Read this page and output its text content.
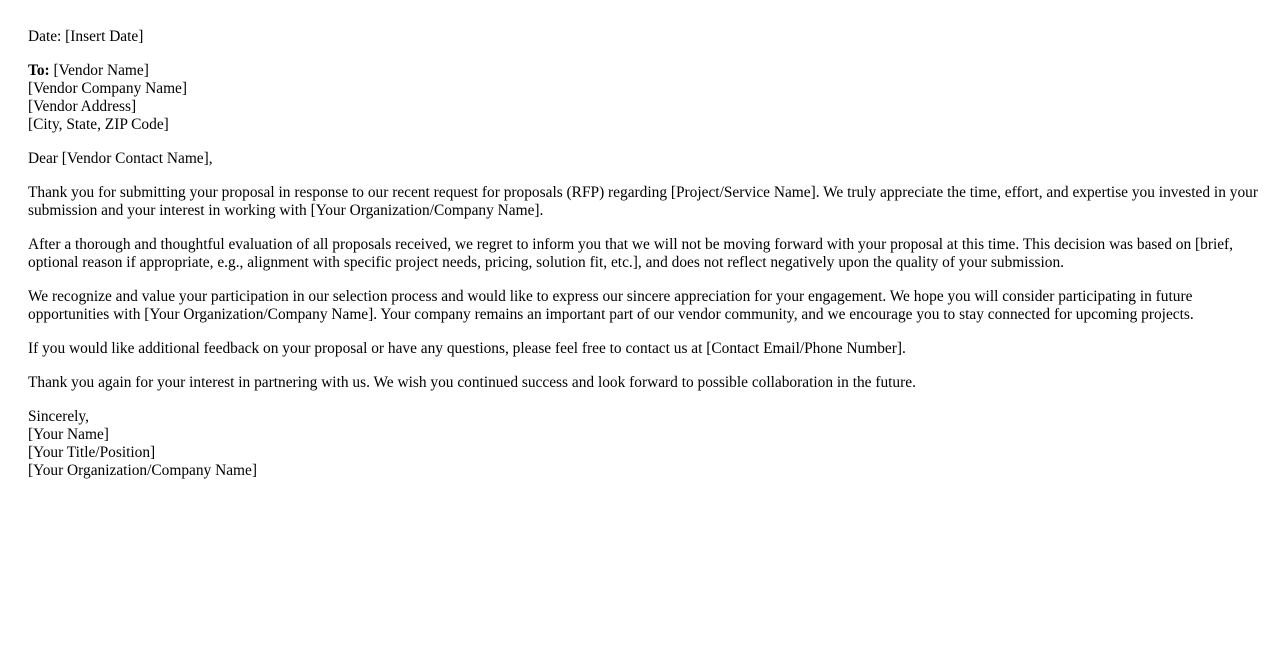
Date: [Insert Date]

To: [Vendor Name]
[Vendor Company Name]
[Vendor Address]
[City, State, ZIP Code]

Dear [Vendor Contact Name],

Thank you for submitting your proposal in response to our recent request for proposals (RFP) regarding [Project/Service Name]. We truly appreciate the time, effort, and expertise you invested in your submission and your interest in working with [Your Organization/Company Name].

After a thorough and thoughtful evaluation of all proposals received, we regret to inform you that we will not be moving forward with your proposal at this time. This decision was based on [brief, optional reason if appropriate, e.g., alignment with specific project needs, pricing, solution fit, etc.], and does not reflect negatively upon the quality of your submission.

We recognize and value your participation in our selection process and would like to express our sincere appreciation for your engagement. We hope you will consider participating in future opportunities with [Your Organization/Company Name]. Your company remains an important part of our vendor community, and we encourage you to stay connected for upcoming projects.

If you would like additional feedback on your proposal or have any questions, please feel free to contact us at [Contact Email/Phone Number].

Thank you again for your interest in partnering with us. We wish you continued success and look forward to possible collaboration in the future.

Sincerely,
[Your Name]
[Your Title/Position]
[Your Organization/Company Name]
